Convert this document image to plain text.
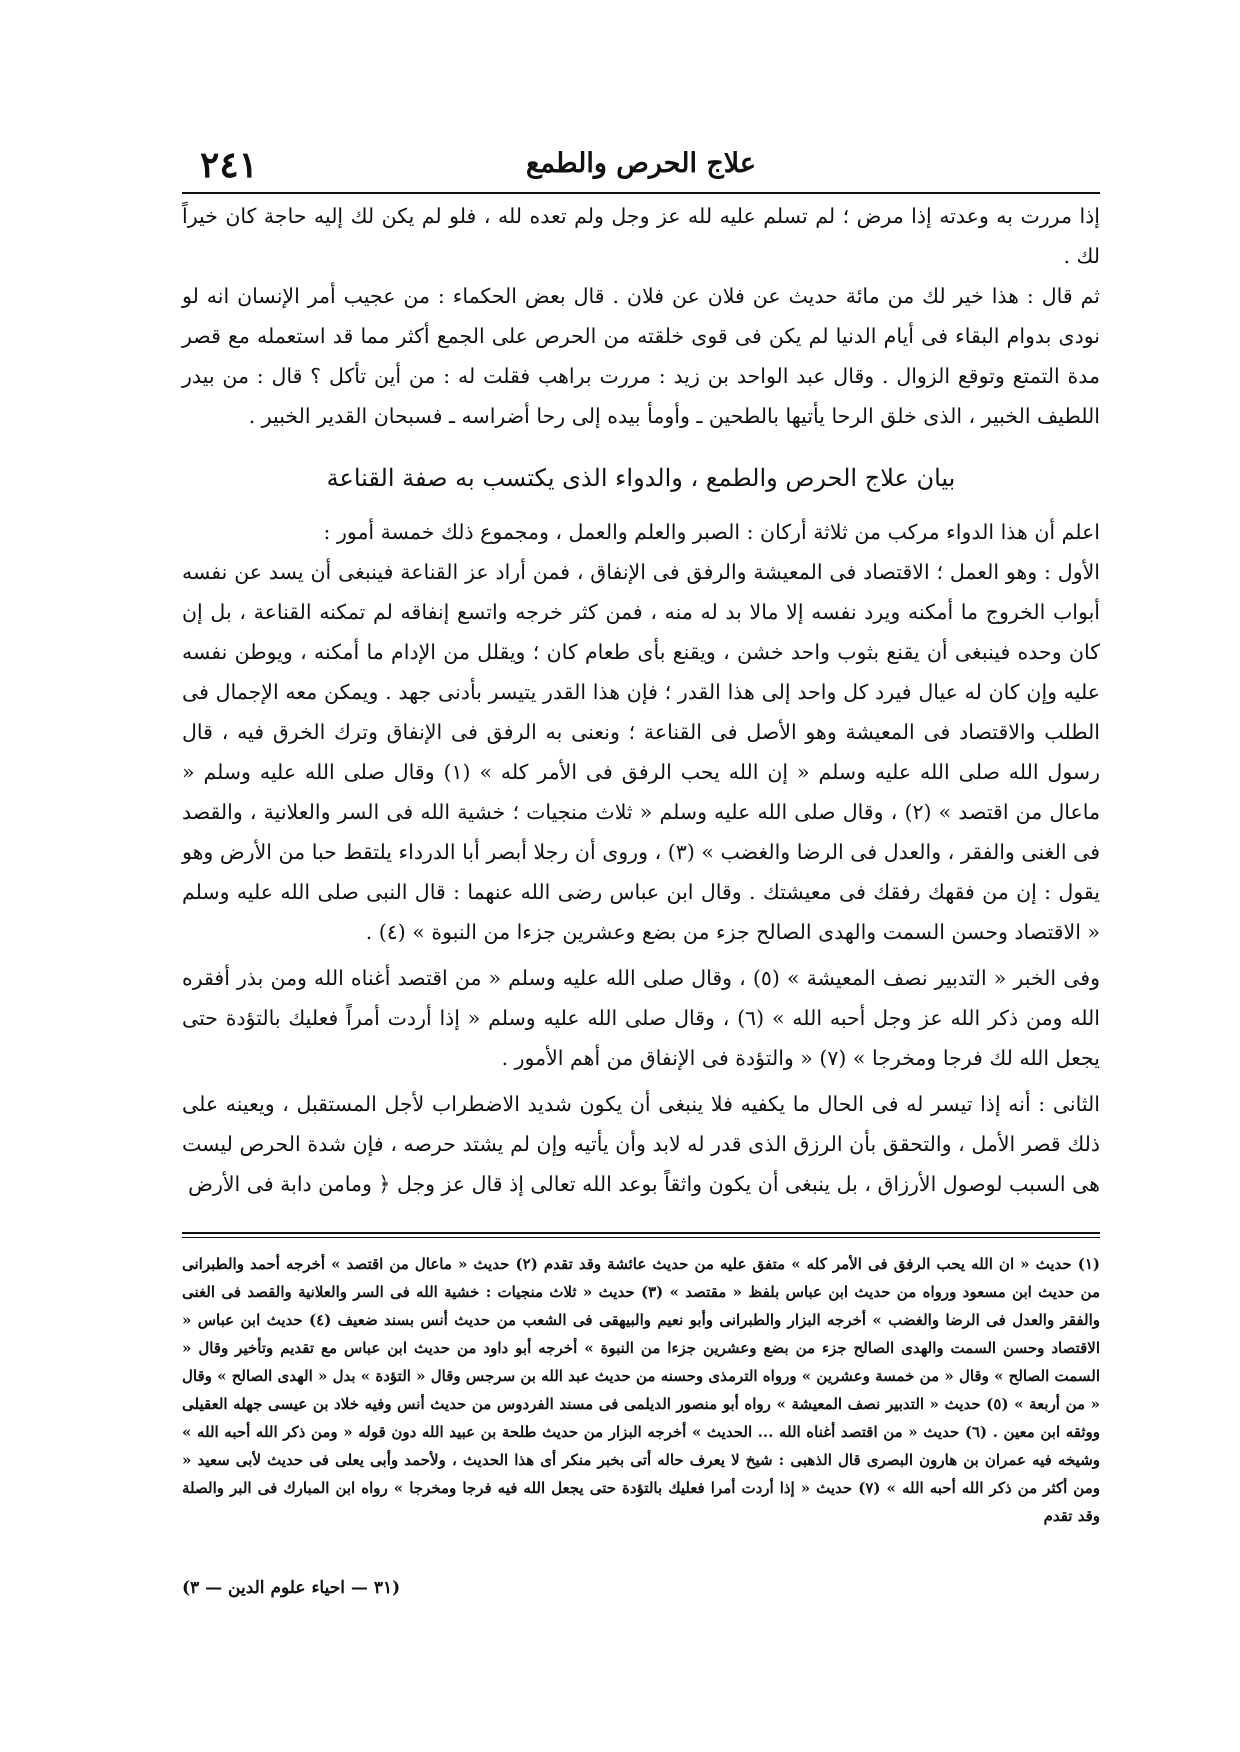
علاج الحرص والطمع
٢٤١

إذا مررت به وعدته إذا مرض ؛ لم تسلم عليه لله عز وجل ولم تعده لله ، فلو لم يكن لك إليه حاجة كان خيراً لك .

ثم قال : هذا خير لك من مائة حديث عن فلان عن فلان . قال بعض الحكماء : من عجيب أمر الإنسان انه لو نودى بدوام البقاء فى أيام الدنيا لم يكن فى قوى خلقته من الحرص على الجمع أكثر مما قد استعمله مع قصر مدة التمتع وتوقع الزوال . وقال عبد الواحد بن زيد : مررت براهب فقلت له : من أين تأكل ؟ قال : من بيدر اللطيف الخبير ، الذى خلق الرحا يأتيها بالطحين ـ وأومأ بيده إلى رحا أضراسه ـ فسبحان القدير الخبير .

بيان علاج الحرص والطمع ، والدواء الذى يكتسب به صفة القناعة

اعلم أن هذا الدواء مركب من ثلاثة أركان : الصبر والعلم والعمل ، ومجموع ذلك خمسة أمور :

الأول : وهو العمل ؛ الاقتصاد فى المعيشة والرفق فى الإنفاق ، فمن أراد عز القناعة فينبغى أن يسد عن نفسه أبواب الخروج ما أمكنه ويرد نفسه إلا مالا بد له منه ، فمن كثر خرجه واتسع إنفاقه لم تمكنه القناعة ، بل إن كان وحده فينبغى أن يقنع بثوب واحد خشن ، ويقنع بأى طعام كان ؛ ويقلل من الإدام ما أمكنه ، ويوطن نفسه عليه وإن كان له عيال فيرد كل واحد إلى هذا القدر ؛ فإن هذا القدر يتيسر بأدنى جهد . ويمكن معه الإجمال فى الطلب والاقتصاد فى المعيشة وهو الأصل فى القناعة ؛ ونعنى به الرفق فى الإنفاق وترك الخرق فيه ، قال رسول الله صلى الله عليه وسلم « إن الله يحب الرفق فى الأمر كله » (١) وقال صلى الله عليه وسلم « ماعال من اقتصد » (٢) ، وقال صلى الله عليه وسلم « ثلاث منجيات ؛ خشية الله فى السر والعلانية ، والقصد فى الغنى والفقر ، والعدل فى الرضا والغضب » (٣) ، وروى أن رجلا أبصر أبا الدرداء يلتقط حبا من الأرض وهو يقول : إن من فقهك رفقك فى معيشتك . وقال ابن عباس رضى الله عنهما : قال النبى صلى الله عليه وسلم « الاقتصاد وحسن السمت والهدى الصالح جزء من بضع وعشرين جزءا من النبوة » (٤) .

وفى الخبر « التدبير نصف المعيشة » (٥) ، وقال صلى الله عليه وسلم « من اقتصد أغناه الله ومن بذر أفقره الله ومن ذكر الله عز وجل أحبه الله » (٦) ، وقال صلى الله عليه وسلم « إذا أردت أمراً فعليك بالتؤدة حتى يجعل الله لك فرجا ومخرجا » (٧) « والتؤدة فى الإنفاق من أهم الأمور .

الثانى : أنه إذا تيسر له فى الحال ما يكفيه فلا ينبغى أن يكون شديد الاضطراب لأجل المستقبل ، ويعينه على ذلك قصر الأمل ، والتحقق بأن الرزق الذى قدر له لابد وأن يأتيه وإن لم يشتد حرصه ، فإن شدة الحرص ليست هى السبب لوصول الأرزاق ، بل ينبغى أن يكون واثقاً بوعد الله تعالى إذ قال عز وجل ﴿ ومامن دابة فى الأرض

(١) حديث « ان الله يحب الرفق فى الأمر كله » متفق عليه من حديث عائشة وقد تقدم (٢) حديث « ماعال من اقتصد » أخرجه أحمد والطبرانى من حديث ابن مسعود ورواه من حديث ابن عباس بلفظ « مقتصد » (٣) حديث « ثلاث منجيات : خشية الله فى السر والعلانية والقصد فى الغنى والفقر والعدل فى الرضا والغضب » أخرجه البزار والطبرانى وأبو نعيم والبيهقى فى الشعب من حديث أنس بسند ضعيف (٤) حديث ابن عباس « الاقتصاد وحسن السمت والهدى الصالح جزء من بضع وعشرين جزءا من النبوة » أخرجه أبو داود من حديث ابن عباس مع تقديم وتأخير وقال « السمت الصالح » وقال « من خمسة وعشرين » ورواه الترمذى وحسنه من حديث عبد الله بن سرجس وقال « التؤدة » بدل « الهدى الصالح » وقال « من أربعة » (٥) حديث « التدبير نصف المعيشة » رواه أبو منصور الديلمى فى مسند الفردوس من حديث أنس وفيه خلاد بن عيسى جهله العقيلى ووثقه ابن معين . (٦) حديث « من اقتصد أغناه الله ... الحديث » أخرجه البزار من حديث طلحة بن عبيد الله دون قوله « ومن ذكر الله أحبه الله » وشيخه فيه عمران بن هارون البصرى قال الذهبى : شيخ لا يعرف حاله أتى بخبر منكر أى هذا الحديث ، ولأحمد وأبى يعلى فى حديث لأبى سعيد « ومن أكثر من ذكر الله أحبه الله » (٧) حديث « إذا أردت أمرا فعليك بالتؤدة حتى يجعل الله فيه فرجا ومخرجا » رواه ابن المبارك فى البر والصلة وقد تقدم

(٣١ — احياء علوم الدين — ٣)
